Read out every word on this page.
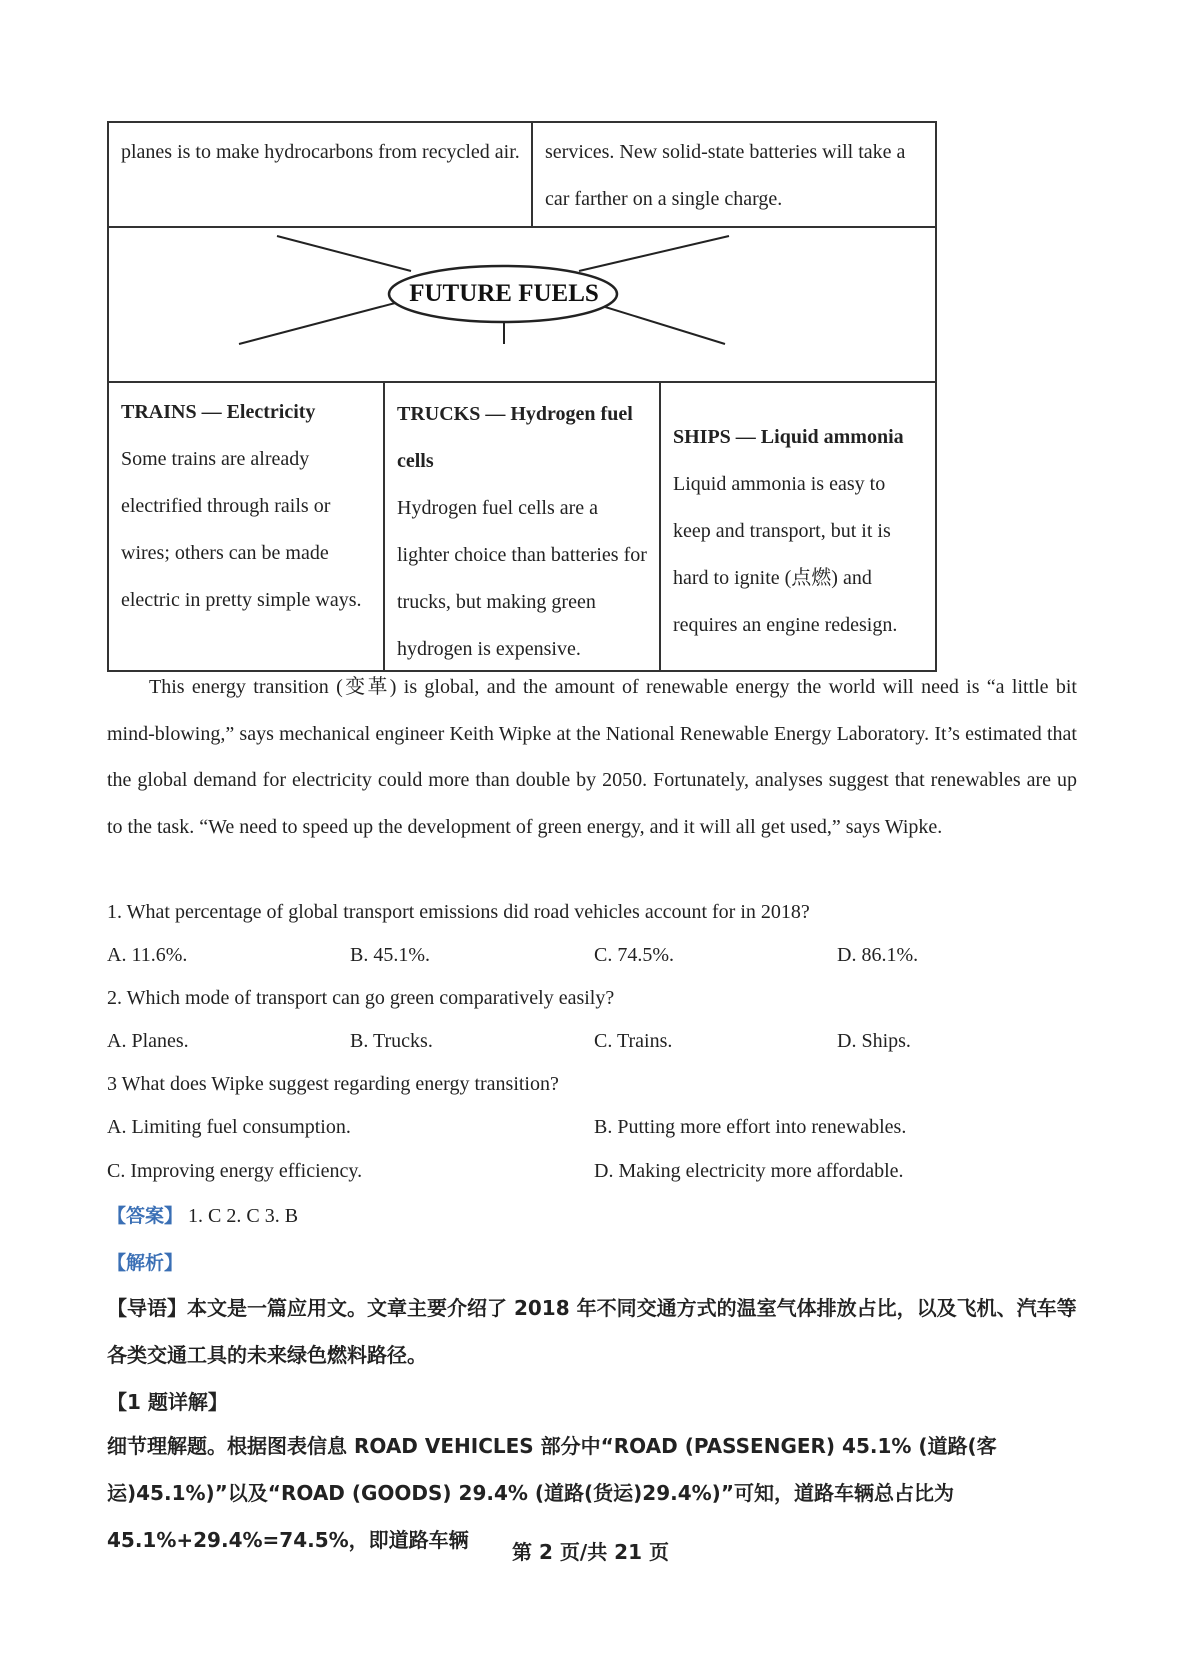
planes is to make hydrocarbons from recycled air.	services. New solid-state batteries will take a car farther on a single charge.
FUTURE FUELS
TRAINS — Electricity
Some trains are already electrified through rails or wires; others can be made electric in pretty simple ways.
TRUCKS — Hydrogen fuel cells
Hydrogen fuel cells are a lighter choice than batteries for trucks, but making green hydrogen is expensive.
SHIPS — Liquid ammonia
Liquid ammonia is easy to keep and transport, but it is hard to ignite (点燃) and requires an engine redesign.
This energy transition (变革) is global, and the amount of renewable energy the world will need is “a little bit mind-blowing,” says mechanical engineer Keith Wipke at the National Renewable Energy Laboratory. It’s estimated that the global demand for electricity could more than double by 2050. Fortunately, analyses suggest that renewables are up to the task. “We need to speed up the development of green energy, and it will all get used,” says Wipke.
1. What percentage of global transport emissions did road vehicles account for in 2018?
A. 11.6%.	B. 45.1%.	C. 74.5%.	D. 86.1%.
2. Which mode of transport can go green comparatively easily?
A. Planes.	B. Trucks.	C. Trains.	D. Ships.
3 What does Wipke suggest regarding energy transition?
A. Limiting fuel consumption.	B. Putting more effort into renewables.
C. Improving energy efficiency.	D. Making electricity more affordable.
【答案】 1. C 2. C 3. B
【解析】
【导语】本文是一篇应用文。文章主要介绍了 2018 年不同交通方式的温室气体排放占比，以及飞机、汽车等各类交通工具的未来绿色燃料路径。
【1 题详解】
细节理解题。根据图表信息 ROAD VEHICLES 部分中“ROAD (PASSENGER) 45.1% (道路(客运)45.1%)”以及“ROAD (GOODS) 29.4% (道路(货运)29.4%)”可知，道路车辆总占比为 45.1%+29.4%=74.5%，即道路车辆	第 2 页/共 21 页
